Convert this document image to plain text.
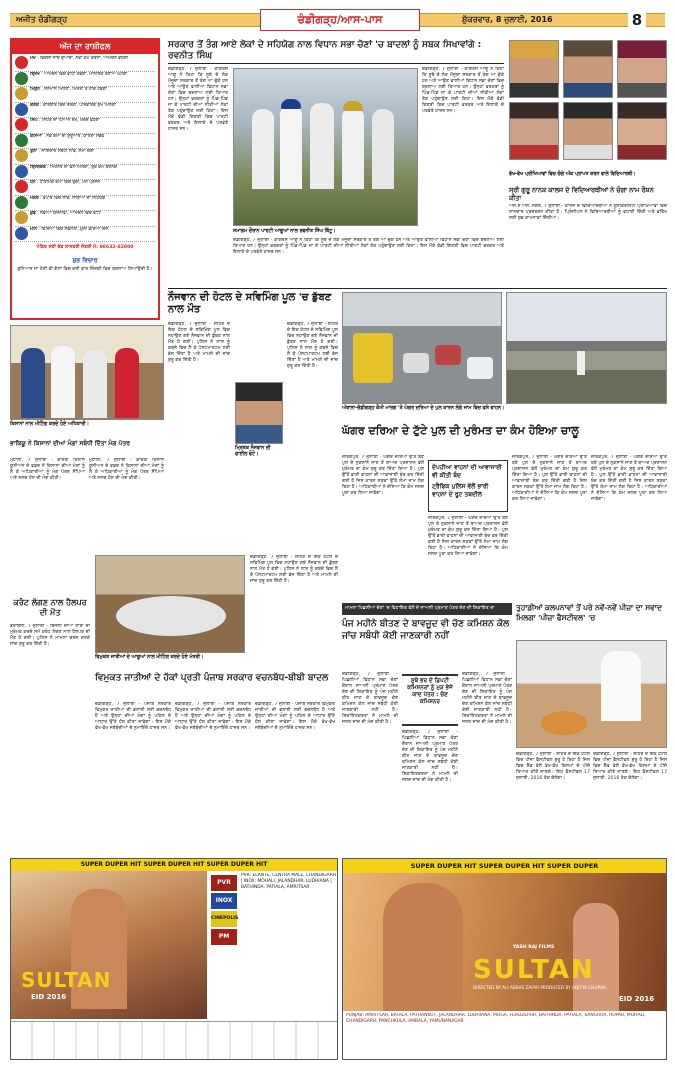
ਅਜੀਤ ਚੰਡੀਗੜ੍ਹ	ਚੰਡੀਗੜ੍ਹ/ਆਸ-ਪਾਸ	ਸ਼ੁੱਕਰਵਾਰ, 8 ਜੁਲਾਈ, 2016	8
ਅੱਜ ਦਾ ਰਾਸ਼ੀਫਲ
ਮੇਖ : ਵਿਦੇਸ਼ੀ ਸਾਥ ਦੁਆਰਾ, ਨਵਾਂ ਕੰਮ ਕਰਨਾ, ਆਮਦਨ ਵਧੇਗੀ
ਬ੍ਰਿਖ : ਆਮਦਨ ਵਿਚ ਵਾਧਾ ਹੋਵੇਗਾ, ਮਾਨਸਿਕ ਤਣਾਅ ਘਟੇਗਾ
ਮਿਥੁਨ : ਸਨਮਾਨ ਮਿਲਣਾ, ਮਿੱਤਰਾਂ ਤੋਂ ਲਾਭ ਹੋਵੇਗਾ
ਕਰਕ : ਕਾਰੋਬਾਰ ਵਿਚ ਤਰੱਕੀ, ਪਰਿਵਾਰਕ ਸੁੱਖ ਮਿਲੇਗਾ
ਸਿੰਘ : ਸਿਹਤ ਦਾ ਧਿਆਨ ਰੱਖੋ, ਖ਼ਰਚ ਵਧੇਗਾ
ਕੰਨਿਆ : ਨਵੇਂ ਕੰਮਾਂ ਦੀ ਸ਼ੁਰੂਆਤ, ਯਾਤਰਾ ਸੰਭਵ
ਤੁਲਾ : ਜਾਇਦਾਦ ਸਬੰਧੀ ਲਾਭ, ਸਮਾਂ ਚੰਗਾ
ਬ੍ਰਿਸ਼ਚਕ : ਮਿਹਨਤ ਦਾ ਫਲ ਮਿਲੇਗਾ, ਰੁਕੇ ਕੰਮ ਬਣਨਗੇ
ਧਨ : ਧਾਰਮਿਕ ਕੰਮਾਂ ਵਿਚ ਰੁਚੀ, ਮਨ ਪ੍ਰਸੰਨ
ਮਕਰ : ਵਪਾਰ ਵਿਚ ਲਾਭ, ਸਾਥੀਆਂ ਦਾ ਸਹਿਯੋਗ
ਕੁੰਭ : ਨਵੀਆਂ ਯੋਜਨਾਵਾਂ, ਆਮਦਨ ਵਿਚ ਵਾਧਾ
ਮੀਨ : ਵਿਦਿਆ ਵਿਚ ਸਫ਼ਲਤਾ, ਖ਼ੁਸ਼ੀ ਭਰਿਆ ਦਿਨ
ਪੰਡਿਤ ਸਤੀ ਦੇਵ ਸ਼ਾਸਤਰੀ ਜੋਤਸ਼ੀ ਮੋ: 98632-82800
ਸ਼ੁਭ ਵਿਚਾਰ
ਬੁਨਿਆਦ ਜਾ ਹੋਣੀ ਵੀ ਗੱਲਾਂ ਵਿਚ ਕਈ ਵਾਰ ਜ਼ਿੰਦਗੀ ਵਿਚ ਬਦਲਾਅ ਲਿਆਉਂਦੀ ਹੈ।
ਸਰਕਾਰ ਤੋਂ ਤੰਗ ਆਏ ਲੋਕਾਂ ਦੇ ਸਹਿਯੋਗ ਨਾਲ ਵਿਧਾਨ ਸਭਾ ਚੋਣਾਂ 'ਚ ਬਾਦਲਾਂ ਨੂੰ ਸਬਕ ਸਿਖਾਵਾਂਗੇ : ਰਵਨੀਤ ਸਿੰਘ
ਚੰਡੀਗੜ੍ਹ, 7 ਜੁਲਾਈ - ਕਾਂਗਰਸ ਆਗੂ ਨੇ ਕਿਹਾ ਕਿ ਸੂਬੇ ਦੇ ਲੋਕ ਮੌਜੂਦਾ ਸਰਕਾਰ ਤੋਂ ਤੰਗ ਆ ਚੁੱਕੇ ਹਨ ਅਤੇ ਆਉਣ ਵਾਲੀਆਂ ਵਿਧਾਨ ਸਭਾ ਚੋਣਾਂ ਵਿਚ ਬਦਲਾਅ ਲਈ ਤਿਆਰ ਹਨ। ਉਨ੍ਹਾਂ ਵਰਕਰਾਂ ਨੂੰ ਪਿੰਡ-ਪਿੰਡ ਜਾ ਕੇ ਪਾਰਟੀ ਦੀਆਂ ਨੀਤੀਆਂ ਲੋਕਾਂ ਤੱਕ ਪਹੁੰਚਾਉਣ ਲਈ ਕਿਹਾ। ਇਸ ਮੌਕੇ ਵੱਡੀ ਗਿਣਤੀ ਵਿਚ ਪਾਰਟੀ ਵਰਕਰ ਅਤੇ ਇਲਾਕੇ ਦੇ ਪਤਵੰਤੇ ਹਾਜ਼ਰ ਸਨ।
ਚੰਡੀਗੜ੍ਹ, 7 ਜੁਲਾਈ - ਕਾਂਗਰਸ ਆਗੂ ਨੇ ਕਿਹਾ ਕਿ ਸੂਬੇ ਦੇ ਲੋਕ ਮੌਜੂਦਾ ਸਰਕਾਰ ਤੋਂ ਤੰਗ ਆ ਚੁੱਕੇ ਹਨ ਅਤੇ ਆਉਣ ਵਾਲੀਆਂ ਵਿਧਾਨ ਸਭਾ ਚੋਣਾਂ ਵਿਚ ਬਦਲਾਅ ਲਈ ਤਿਆਰ ਹਨ। ਉਨ੍ਹਾਂ ਵਰਕਰਾਂ ਨੂੰ ਪਿੰਡ-ਪਿੰਡ ਜਾ ਕੇ ਪਾਰਟੀ ਦੀਆਂ ਨੀਤੀਆਂ ਲੋਕਾਂ ਤੱਕ ਪਹੁੰਚਾਉਣ ਲਈ ਕਿਹਾ। ਇਸ ਮੌਕੇ ਵੱਡੀ ਗਿਣਤੀ ਵਿਚ ਪਾਰਟੀ ਵਰਕਰ ਅਤੇ ਇਲਾਕੇ ਦੇ ਪਤਵੰਤੇ ਹਾਜ਼ਰ ਸਨ।
ਸਮਾਗਮ ਦੌਰਾਨ ਪਾਰਟੀ ਆਗੂਆਂ ਨਾਲ ਰਵਨੀਤ ਸਿੰਘ ਬਿੱਟੂ।
ਚੰਡੀਗੜ੍ਹ, 7 ਜੁਲਾਈ - ਕਾਂਗਰਸ ਆਗੂ ਨੇ ਕਿਹਾ ਕਿ ਸੂਬੇ ਦੇ ਲੋਕ ਮੌਜੂਦਾ ਸਰਕਾਰ ਤੋਂ ਤੰਗ ਆ ਚੁੱਕੇ ਹਨ ਅਤੇ ਆਉਣ ਵਾਲੀਆਂ ਵਿਧਾਨ ਸਭਾ ਚੋਣਾਂ ਵਿਚ ਬਦਲਾਅ ਲਈ ਤਿਆਰ ਹਨ। ਉਨ੍ਹਾਂ ਵਰਕਰਾਂ ਨੂੰ ਪਿੰਡ-ਪਿੰਡ ਜਾ ਕੇ ਪਾਰਟੀ ਦੀਆਂ ਨੀਤੀਆਂ ਲੋਕਾਂ ਤੱਕ ਪਹੁੰਚਾਉਣ ਲਈ ਕਿਹਾ। ਇਸ ਮੌਕੇ ਵੱਡੀ ਗਿਣਤੀ ਵਿਚ ਪਾਰਟੀ ਵਰਕਰ ਅਤੇ ਇਲਾਕੇ ਦੇ ਪਤਵੰਤੇ ਹਾਜ਼ਰ ਸਨ।
ਵੱਖ-ਵੱਖ ਪ੍ਰੀਖਿਆਵਾਂ ਵਿਚ ਚੰਗੇ ਅੰਕ ਪ੍ਰਾਪਤ ਕਰਨ ਵਾਲੇ ਵਿਦਿਆਰਥੀ।
ਸ੍ਰੀ ਗੁਰੂ ਨਾਨਕ ਕਾਲਜ ਦੇ ਵਿਦਿਆਰਥੀਆਂ ਨੇ ਚੰਗਾ ਨਾਮ ਰੌਸ਼ਨ ਕੀਤਾ
ਐਸ.ਏ.ਐਸ. ਨਗਰ, 7 ਜੁਲਾਈ - ਕਾਲਜ ਦੇ ਵਿਦਿਆਰਥੀਆਂ ਨੇ ਯੂਨੀਵਰਸਿਟੀ ਪ੍ਰੀਖਿਆਵਾਂ ਵਿਚ ਸ਼ਾਨਦਾਰ ਪ੍ਰਦਰਸ਼ਨ ਕੀਤਾ ਹੈ। ਪ੍ਰਿੰਸੀਪਲ ਨੇ ਵਿਦਿਆਰਥੀਆਂ ਨੂੰ ਵਧਾਈ ਦਿੱਤੀ ਅਤੇ ਭਵਿੱਖ ਲਈ ਸ਼ੁਭ ਕਾਮਨਾਵਾਂ ਦਿੱਤੀਆਂ।
ਕਿਸਾਨਾਂ ਨਾਲ ਮੀਟਿੰਗ ਕਰਦੇ ਹੋਏ ਅਧਿਕਾਰੀ।
ਭਾਕਿਯੂ ਨੇ ਕਿਸਾਨਾਂ ਦੀਆਂ ਮੰਗਾਂ ਸਬੰਧੀ ਦਿੱਤਾ ਮੰਗ ਪੱਤਰ
ਮੁਹਾਲੀ, 7 ਜੁਲਾਈ - ਭਾਰਤੀ ਕਿਸਾਨ ਯੂਨੀਅਨ ਦੇ ਵਫ਼ਦ ਨੇ ਕਿਸਾਨਾਂ ਦੀਆਂ ਮੰਗਾਂ ਨੂੰ ਲੈ ਕੇ ਅਧਿਕਾਰੀਆਂ ਨੂੰ ਮੰਗ ਪੱਤਰ ਸੌਂਪਿਆ ਅਤੇ ਜਲਦ ਹੱਲ ਦੀ ਮੰਗ ਕੀਤੀ।
ਮੁਹਾਲੀ, 7 ਜੁਲਾਈ - ਭਾਰਤੀ ਕਿਸਾਨ ਯੂਨੀਅਨ ਦੇ ਵਫ਼ਦ ਨੇ ਕਿਸਾਨਾਂ ਦੀਆਂ ਮੰਗਾਂ ਨੂੰ ਲੈ ਕੇ ਅਧਿਕਾਰੀਆਂ ਨੂੰ ਮੰਗ ਪੱਤਰ ਸੌਂਪਿਆ ਅਤੇ ਜਲਦ ਹੱਲ ਦੀ ਮੰਗ ਕੀਤੀ।
ਨੌਜਵਾਨ ਦੀ ਹੋਟਲ ਦੇ ਸਵਿਮਿੰਗ ਪੂਲ 'ਚ ਡੁੱਬਣ ਨਾਲ ਮੌਤ
ਚੰਡੀਗੜ੍ਹ, 7 ਜੁਲਾਈ - ਸ਼ਹਿਰ ਦੇ ਇਕ ਹੋਟਲ ਦੇ ਸਵਿਮਿੰਗ ਪੂਲ ਵਿਚ ਨਹਾਉਣ ਗਏ ਨੌਜਵਾਨ ਦੀ ਡੁੱਬਣ ਨਾਲ ਮੌਤ ਹੋ ਗਈ। ਪੁਲਿਸ ਨੇ ਲਾਸ਼ ਨੂੰ ਕਬਜ਼ੇ ਵਿਚ ਲੈ ਕੇ ਪੋਸਟਮਾਰਟਮ ਲਈ ਭੇਜ ਦਿੱਤਾ ਹੈ ਅਤੇ ਮਾਮਲੇ ਦੀ ਜਾਂਚ ਸ਼ੁਰੂ ਕਰ ਦਿੱਤੀ ਹੈ।
ਮ੍ਰਿਤਕ ਨੌਜਵਾਨ ਦੀ ਫਾਈਲ ਫੋਟੋ।
ਚੰਡੀਗੜ੍ਹ, 7 ਜੁਲਾਈ - ਸ਼ਹਿਰ ਦੇ ਇਕ ਹੋਟਲ ਦੇ ਸਵਿਮਿੰਗ ਪੂਲ ਵਿਚ ਨਹਾਉਣ ਗਏ ਨੌਜਵਾਨ ਦੀ ਡੁੱਬਣ ਨਾਲ ਮੌਤ ਹੋ ਗਈ। ਪੁਲਿਸ ਨੇ ਲਾਸ਼ ਨੂੰ ਕਬਜ਼ੇ ਵਿਚ ਲੈ ਕੇ ਪੋਸਟਮਾਰਟਮ ਲਈ ਭੇਜ ਦਿੱਤਾ ਹੈ ਅਤੇ ਮਾਮਲੇ ਦੀ ਜਾਂਚ ਸ਼ੁਰੂ ਕਰ ਦਿੱਤੀ ਹੈ।
ਅੰਬਾਲਾ-ਚੰਡੀਗੜ੍ਹ ਕੌਮੀ ਮਾਰਗ 'ਤੇ ਘੱਗਰ ਦਰਿਆ ਦੇ ਪੁਲ ਕਾਰਨ ਲੱਗੇ ਜਾਮ ਵਿਚ ਫਸੇ ਵਾਹਨ।
ਘੱਗਰ ਦਰਿਆ ਦੇ ਟੁੱਟੇ ਪੁਲ ਦੀ ਮੁਰੰਮਤ ਦਾ ਕੰਮ ਹੋਇਆ ਚਾਲੂ
ਜ਼ੀਰਕਪੁਰ, 7 ਜੁਲਾਈ - ਘੱਗਰ ਦਰਿਆ ਉੱਤੇ ਬਣੇ ਪੁਲ ਦੇ ਨੁਕਸਾਨੇ ਜਾਣ ਤੋਂ ਬਾਅਦ ਪ੍ਰਸ਼ਾਸਨ ਵੱਲੋਂ ਮੁਰੰਮਤ ਦਾ ਕੰਮ ਸ਼ੁਰੂ ਕਰ ਦਿੱਤਾ ਗਿਆ ਹੈ। ਪੁਲ ਉੱਤੋਂ ਭਾਰੀ ਵਾਹਨਾਂ ਦੀ ਆਵਾਜਾਈ ਬੰਦ ਕਰ ਦਿੱਤੀ ਗਈ ਹੈ ਜਿਸ ਕਾਰਨ ਸੜਕਾਂ ਉੱਤੇ ਲੰਮਾ ਜਾਮ ਲੱਗ ਰਿਹਾ ਹੈ। ਅਧਿਕਾਰੀਆਂ ਨੇ ਦੱਸਿਆ ਕਿ ਕੰਮ ਜਲਦ ਪੂਰਾ ਕਰ ਲਿਆ ਜਾਵੇਗਾ।
ਦੋਪਹੀਆ ਵਾਹਨਾਂ ਦੀ ਆਵਾਜਾਈ ਵੀ ਕੀਤੀ ਬੰਦ
ਟ੍ਰੈਫਿਕ ਪੁਲਿਸ ਵੱਲੋਂ ਭਾਰੀ ਵਾਹਨਾਂ ਦੇ ਰੂਟ ਤਬਦੀਲ
ਜ਼ੀਰਕਪੁਰ, 7 ਜੁਲਾਈ - ਘੱਗਰ ਦਰਿਆ ਉੱਤੇ ਬਣੇ ਪੁਲ ਦੇ ਨੁਕਸਾਨੇ ਜਾਣ ਤੋਂ ਬਾਅਦ ਪ੍ਰਸ਼ਾਸਨ ਵੱਲੋਂ ਮੁਰੰਮਤ ਦਾ ਕੰਮ ਸ਼ੁਰੂ ਕਰ ਦਿੱਤਾ ਗਿਆ ਹੈ। ਪੁਲ ਉੱਤੋਂ ਭਾਰੀ ਵਾਹਨਾਂ ਦੀ ਆਵਾਜਾਈ ਬੰਦ ਕਰ ਦਿੱਤੀ ਗਈ ਹੈ ਜਿਸ ਕਾਰਨ ਸੜਕਾਂ ਉੱਤੇ ਲੰਮਾ ਜਾਮ ਲੱਗ ਰਿਹਾ ਹੈ। ਅਧਿਕਾਰੀਆਂ ਨੇ ਦੱਸਿਆ ਕਿ ਕੰਮ ਜਲਦ ਪੂਰਾ ਕਰ ਲਿਆ ਜਾਵੇਗਾ।
ਜ਼ੀਰਕਪੁਰ, 7 ਜੁਲਾਈ - ਘੱਗਰ ਦਰਿਆ ਉੱਤੇ ਬਣੇ ਪੁਲ ਦੇ ਨੁਕਸਾਨੇ ਜਾਣ ਤੋਂ ਬਾਅਦ ਪ੍ਰਸ਼ਾਸਨ ਵੱਲੋਂ ਮੁਰੰਮਤ ਦਾ ਕੰਮ ਸ਼ੁਰੂ ਕਰ ਦਿੱਤਾ ਗਿਆ ਹੈ। ਪੁਲ ਉੱਤੋਂ ਭਾਰੀ ਵਾਹਨਾਂ ਦੀ ਆਵਾਜਾਈ ਬੰਦ ਕਰ ਦਿੱਤੀ ਗਈ ਹੈ ਜਿਸ ਕਾਰਨ ਸੜਕਾਂ ਉੱਤੇ ਲੰਮਾ ਜਾਮ ਲੱਗ ਰਿਹਾ ਹੈ। ਅਧਿਕਾਰੀਆਂ ਨੇ ਦੱਸਿਆ ਕਿ ਕੰਮ ਜਲਦ ਪੂਰਾ ਕਰ ਲਿਆ ਜਾਵੇਗਾ।
ਜ਼ੀਰਕਪੁਰ, 7 ਜੁਲਾਈ - ਘੱਗਰ ਦਰਿਆ ਉੱਤੇ ਬਣੇ ਪੁਲ ਦੇ ਨੁਕਸਾਨੇ ਜਾਣ ਤੋਂ ਬਾਅਦ ਪ੍ਰਸ਼ਾਸਨ ਵੱਲੋਂ ਮੁਰੰਮਤ ਦਾ ਕੰਮ ਸ਼ੁਰੂ ਕਰ ਦਿੱਤਾ ਗਿਆ ਹੈ। ਪੁਲ ਉੱਤੋਂ ਭਾਰੀ ਵਾਹਨਾਂ ਦੀ ਆਵਾਜਾਈ ਬੰਦ ਕਰ ਦਿੱਤੀ ਗਈ ਹੈ ਜਿਸ ਕਾਰਨ ਸੜਕਾਂ ਉੱਤੇ ਲੰਮਾ ਜਾਮ ਲੱਗ ਰਿਹਾ ਹੈ। ਅਧਿਕਾਰੀਆਂ ਨੇ ਦੱਸਿਆ ਕਿ ਕੰਮ ਜਲਦ ਪੂਰਾ ਕਰ ਲਿਆ ਜਾਵੇਗਾ।
ਕਰੰਟ ਲੱਗਣ ਨਾਲ ਹੈਲਪਰ ਦੀ ਮੌਤ
ਡੇਰਾਬੱਸੀ, 7 ਜੁਲਾਈ - ਬਿਜਲੀ ਦੀਆਂ ਤਾਰਾਂ ਦੀ ਮੁਰੰਮਤ ਕਰਦੇ ਸਮੇਂ ਕਰੰਟ ਲੱਗਣ ਨਾਲ ਹੈਲਪਰ ਦੀ ਮੌਤ ਹੋ ਗਈ। ਪੁਲਿਸ ਨੇ ਮਾਮਲਾ ਦਰਜ ਕਰਕੇ ਜਾਂਚ ਸ਼ੁਰੂ ਕਰ ਦਿੱਤੀ ਹੈ।
ਵਿਮੁਕਤ ਜਾਤੀਆਂ ਦੇ ਆਗੂਆਂ ਨਾਲ ਮੀਟਿੰਗ ਕਰਦੇ ਹੋਏ ਮੰਤਰੀ।
ਵਿਮੁਕਤ ਜਾਤੀਆਂ ਦੇ ਹੱਕਾਂ ਪ੍ਰਤੀ ਪੰਜਾਬ ਸਰਕਾਰ ਵਚਨਬੱਧ-ਬੀਬੀ ਬਾਦਲ
ਚੰਡੀਗੜ੍ਹ, 7 ਜੁਲਾਈ - ਪੰਜਾਬ ਸਰਕਾਰ ਵਿਮੁਕਤ ਜਾਤੀਆਂ ਦੀ ਭਲਾਈ ਲਈ ਵਚਨਬੱਧ ਹੈ ਅਤੇ ਉਨ੍ਹਾਂ ਦੀਆਂ ਮੰਗਾਂ ਨੂੰ ਪਹਿਲ ਦੇ ਆਧਾਰ ਉੱਤੇ ਹੱਲ ਕੀਤਾ ਜਾਵੇਗਾ। ਇਸ ਮੌਕੇ ਵੱਖ-ਵੱਖ ਜਥੇਬੰਦੀਆਂ ਦੇ ਨੁਮਾਇੰਦੇ ਹਾਜ਼ਰ ਸਨ।
ਚੰਡੀਗੜ੍ਹ, 7 ਜੁਲਾਈ - ਪੰਜਾਬ ਸਰਕਾਰ ਵਿਮੁਕਤ ਜਾਤੀਆਂ ਦੀ ਭਲਾਈ ਲਈ ਵਚਨਬੱਧ ਹੈ ਅਤੇ ਉਨ੍ਹਾਂ ਦੀਆਂ ਮੰਗਾਂ ਨੂੰ ਪਹਿਲ ਦੇ ਆਧਾਰ ਉੱਤੇ ਹੱਲ ਕੀਤਾ ਜਾਵੇਗਾ। ਇਸ ਮੌਕੇ ਵੱਖ-ਵੱਖ ਜਥੇਬੰਦੀਆਂ ਦੇ ਨੁਮਾਇੰਦੇ ਹਾਜ਼ਰ ਸਨ।
ਚੰਡੀਗੜ੍ਹ, 7 ਜੁਲਾਈ - ਪੰਜਾਬ ਸਰਕਾਰ ਵਿਮੁਕਤ ਜਾਤੀਆਂ ਦੀ ਭਲਾਈ ਲਈ ਵਚਨਬੱਧ ਹੈ ਅਤੇ ਉਨ੍ਹਾਂ ਦੀਆਂ ਮੰਗਾਂ ਨੂੰ ਪਹਿਲ ਦੇ ਆਧਾਰ ਉੱਤੇ ਹੱਲ ਕੀਤਾ ਜਾਵੇਗਾ। ਇਸ ਮੌਕੇ ਵੱਖ-ਵੱਖ ਜਥੇਬੰਦੀਆਂ ਦੇ ਨੁਮਾਇੰਦੇ ਹਾਜ਼ਰ ਸਨ।
ਚੰਡੀਗੜ੍ਹ, 7 ਜੁਲਾਈ - ਸ਼ਹਿਰ ਦੇ ਇਕ ਹੋਟਲ ਦੇ ਸਵਿਮਿੰਗ ਪੂਲ ਵਿਚ ਨਹਾਉਣ ਗਏ ਨੌਜਵਾਨ ਦੀ ਡੁੱਬਣ ਨਾਲ ਮੌਤ ਹੋ ਗਈ। ਪੁਲਿਸ ਨੇ ਲਾਸ਼ ਨੂੰ ਕਬਜ਼ੇ ਵਿਚ ਲੈ ਕੇ ਪੋਸਟਮਾਰਟਮ ਲਈ ਭੇਜ ਦਿੱਤਾ ਹੈ ਅਤੇ ਮਾਮਲੇ ਦੀ ਜਾਂਚ ਸ਼ੁਰੂ ਕਰ ਦਿੱਤੀ ਹੈ।
ਮਾਮਲਾ ਪਿਛਲੀਆਂ ਚੋਣਾਂ 'ਚ ਵਿਧਾਇਕ ਵੱਲੋਂ ਦੇ ਜਾਅਲੀ ਪ੍ਰਮਾਣ ਪੱਤਰ ਦੇਣ ਦੀ ਸ਼ਿਕਾਇਤ ਦਾ
ਪੰਜ ਮਹੀਨੇ ਬੀਤਣ ਦੇ ਬਾਵਜੂਦ ਵੀ ਚੋਣ ਕਮਿਸ਼ਨ ਕੋਲ ਜਾਂਚ ਸਬੰਧੀ ਕੋਈ ਜਾਣਕਾਰੀ ਨਹੀਂ
ਚੰਡੀਗੜ੍ਹ, 7 ਜੁਲਾਈ - ਪਿਛਲੀਆਂ ਵਿਧਾਨ ਸਭਾ ਚੋਣਾਂ ਦੌਰਾਨ ਜਾਅਲੀ ਪ੍ਰਮਾਣ ਪੱਤਰ ਦੇਣ ਦੀ ਸ਼ਿਕਾਇਤ ਨੂੰ ਪੰਜ ਮਹੀਨੇ ਬੀਤ ਜਾਣ ਦੇ ਬਾਵਜੂਦ ਚੋਣ ਕਮਿਸ਼ਨ ਕੋਲ ਜਾਂਚ ਸਬੰਧੀ ਕੋਈ ਜਾਣਕਾਰੀ ਨਹੀਂ ਹੈ। ਸ਼ਿਕਾਇਤਕਰਤਾ ਨੇ ਮਾਮਲੇ ਦੀ ਜਲਦ ਜਾਂਚ ਦੀ ਮੰਗ ਕੀਤੀ ਹੈ।
ਸੂਬੇ ਭਰ ਦੇ ਡਿਪਟੀ ਕਮਿਸ਼ਨਰਾਂ ਨੂੰ ਮੁੜ ਭੇਜੇ ਯਾਦ ਪੱਤਰ : ਚੋਣ ਕਮਿਸ਼ਨਰ
ਚੰਡੀਗੜ੍ਹ, 7 ਜੁਲਾਈ - ਪਿਛਲੀਆਂ ਵਿਧਾਨ ਸਭਾ ਚੋਣਾਂ ਦੌਰਾਨ ਜਾਅਲੀ ਪ੍ਰਮਾਣ ਪੱਤਰ ਦੇਣ ਦੀ ਸ਼ਿਕਾਇਤ ਨੂੰ ਪੰਜ ਮਹੀਨੇ ਬੀਤ ਜਾਣ ਦੇ ਬਾਵਜੂਦ ਚੋਣ ਕਮਿਸ਼ਨ ਕੋਲ ਜਾਂਚ ਸਬੰਧੀ ਕੋਈ ਜਾਣਕਾਰੀ ਨਹੀਂ ਹੈ। ਸ਼ਿਕਾਇਤਕਰਤਾ ਨੇ ਮਾਮਲੇ ਦੀ ਜਲਦ ਜਾਂਚ ਦੀ ਮੰਗ ਕੀਤੀ ਹੈ।
ਚੰਡੀਗੜ੍ਹ, 7 ਜੁਲਾਈ - ਪਿਛਲੀਆਂ ਵਿਧਾਨ ਸਭਾ ਚੋਣਾਂ ਦੌਰਾਨ ਜਾਅਲੀ ਪ੍ਰਮਾਣ ਪੱਤਰ ਦੇਣ ਦੀ ਸ਼ਿਕਾਇਤ ਨੂੰ ਪੰਜ ਮਹੀਨੇ ਬੀਤ ਜਾਣ ਦੇ ਬਾਵਜੂਦ ਚੋਣ ਕਮਿਸ਼ਨ ਕੋਲ ਜਾਂਚ ਸਬੰਧੀ ਕੋਈ ਜਾਣਕਾਰੀ ਨਹੀਂ ਹੈ। ਸ਼ਿਕਾਇਤਕਰਤਾ ਨੇ ਮਾਮਲੇ ਦੀ ਜਲਦ ਜਾਂਚ ਦੀ ਮੰਗ ਕੀਤੀ ਹੈ।
ਤੁਹਾਡੀਆਂ ਕਲਪਨਾਵਾਂ ਤੋਂ ਪਰੇ ਨਵੇਂ-ਨਵੇਂ ਪੀਜ਼ਾ ਦਾ ਸਵਾਦ ਮਿਲਗਾ 'ਪੀਜ਼ਾ ਫੈਸਟੀਵਲ' 'ਚ
ਚੰਡੀਗੜ੍ਹ, 7 ਜੁਲਾਈ - ਸ਼ਹਿਰ ਦੇ ਇਕ ਹੋਟਲ ਵਿਚ ਪੀਜ਼ਾ ਫੈਸਟੀਵਲ ਸ਼ੁਰੂ ਹੋ ਰਿਹਾ ਹੈ ਜਿਸ ਵਿਚ ਸ਼ੈੱਫ਼ ਵੱਲੋਂ ਵੱਖ-ਵੱਖ ਕਿਸਮਾਂ ਦੇ ਪੀਜ਼ੇ ਤਿਆਰ ਕੀਤੇ ਜਾਣਗੇ। ਇਹ ਫੈਸਟੀਵਲ 17 ਜੁਲਾਈ, 2016 ਤੱਕ ਚੱਲੇਗਾ।
ਚੰਡੀਗੜ੍ਹ, 7 ਜੁਲਾਈ - ਸ਼ਹਿਰ ਦੇ ਇਕ ਹੋਟਲ ਵਿਚ ਪੀਜ਼ਾ ਫੈਸਟੀਵਲ ਸ਼ੁਰੂ ਹੋ ਰਿਹਾ ਹੈ ਜਿਸ ਵਿਚ ਸ਼ੈੱਫ਼ ਵੱਲੋਂ ਵੱਖ-ਵੱਖ ਕਿਸਮਾਂ ਦੇ ਪੀਜ਼ੇ ਤਿਆਰ ਕੀਤੇ ਜਾਣਗੇ। ਇਹ ਫੈਸਟੀਵਲ 17 ਜੁਲਾਈ, 2016 ਤੱਕ ਚੱਲੇਗਾ।
SUPER DUPER HIT SUPER DUPER HIT SUPER DUPER HIT
SULTAN
EID 2016
PVR
INOX
CINEPOLIS
PM
PVR: ELANTE, CENTRA MALL, CHANDIGARH | INOX: MOHALI, JALANDHAR, LUDHIANA | BATHINDA, PATIALA, AMRITSAR
SUPER DUPER HIT SUPER DUPER HIT SUPER DUPER
YASH RAJ FILMS
SULTAN
DIRECTED BY ALI ABBAS ZAFAR PRODUCED BY ADITYA CHOPRA
EID 2016
PUNJAB: AMRITSAR, BATALA, PATHANKOT, JALANDHAR, LUDHIANA, MOGA, FEROZEPUR, BATHINDA, PATIALA, SANGRUR, ROPAR, MOHALI, CHANDIGARH, PANCHKULA, AMBALA, YAMUNANAGAR
